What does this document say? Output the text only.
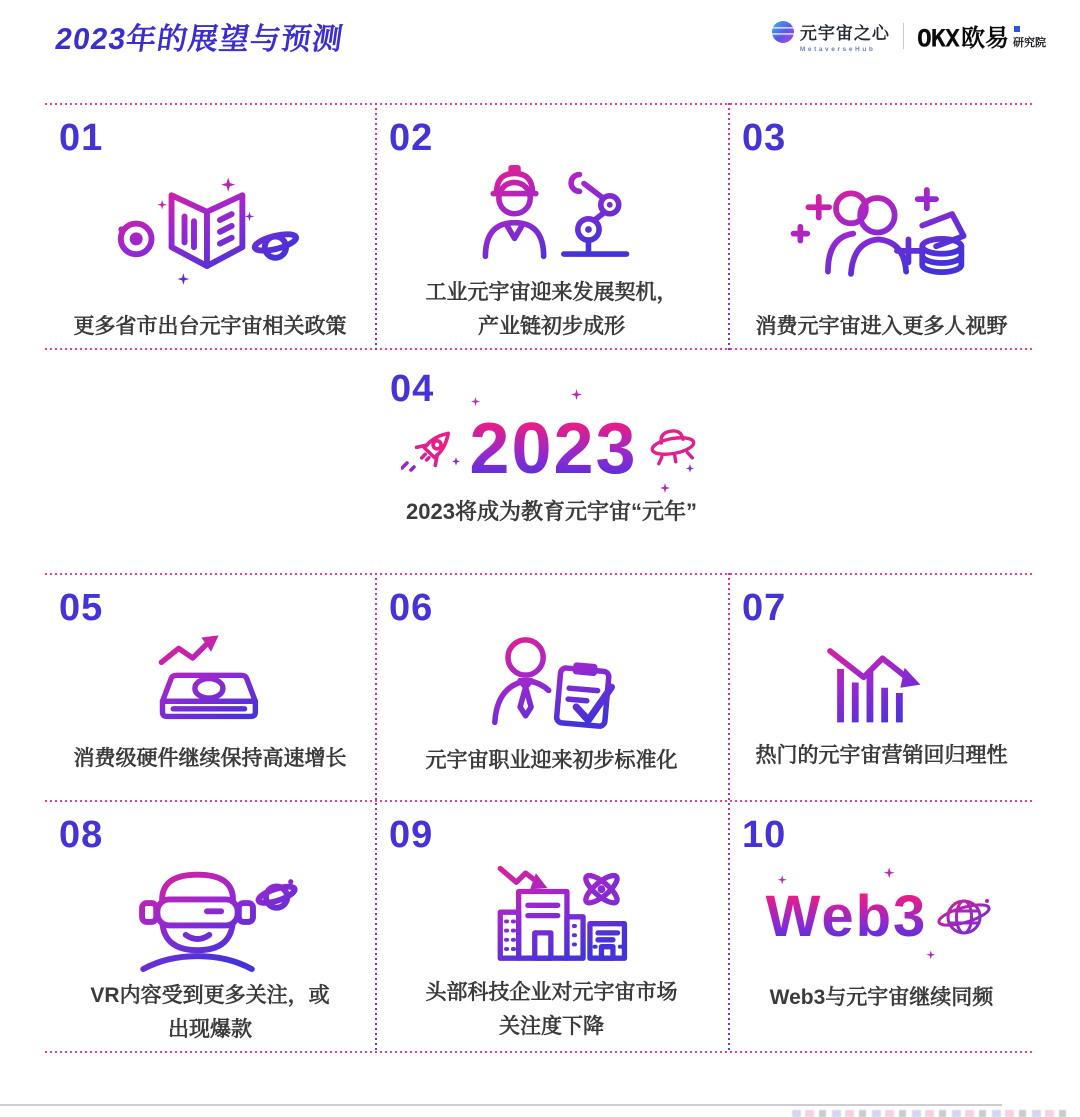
2023年的展望与预测	元宇宙之心
MetaverseHub	OKX 欧易 研究院
01
更多省市出台元宇宙相关政策
02
工业元宇宙迎来发展契机，产业链初步成形
03
消费元宇宙进入更多人视野
04
2023
2023将成为教育元宇宙“元年”
05
消费级硬件继续保持高速增长
06
元宇宙职业迎来初步标准化
07
热门的元宇宙营销回归理性
08
VR内容受到更多关注，或出现爆款
09
头部科技企业对元宇宙市场关注度下降
10
Web3
Web3与元宇宙继续同频
